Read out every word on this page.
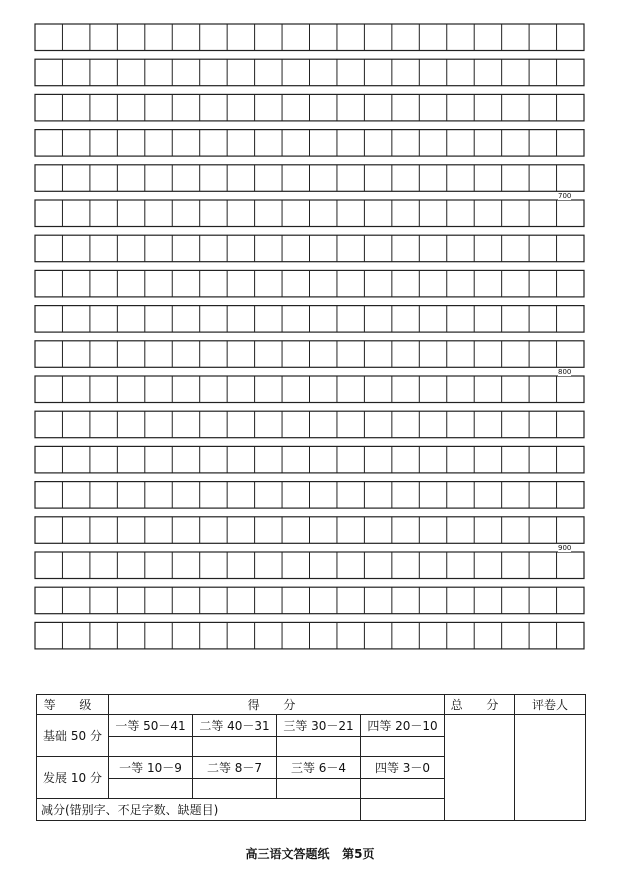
700
800
900
等 级	得 分				总 分	评卷人
基础 50 分	一等 50－41	二等 40－31	三等 30－21	四等 20－10		

发展 10 分	一等 10－9	二等 8－7	三等 6－4	四等 3－0		

减分(错别字、不足字数、缺题目)						
高三语文答题纸 第5页
